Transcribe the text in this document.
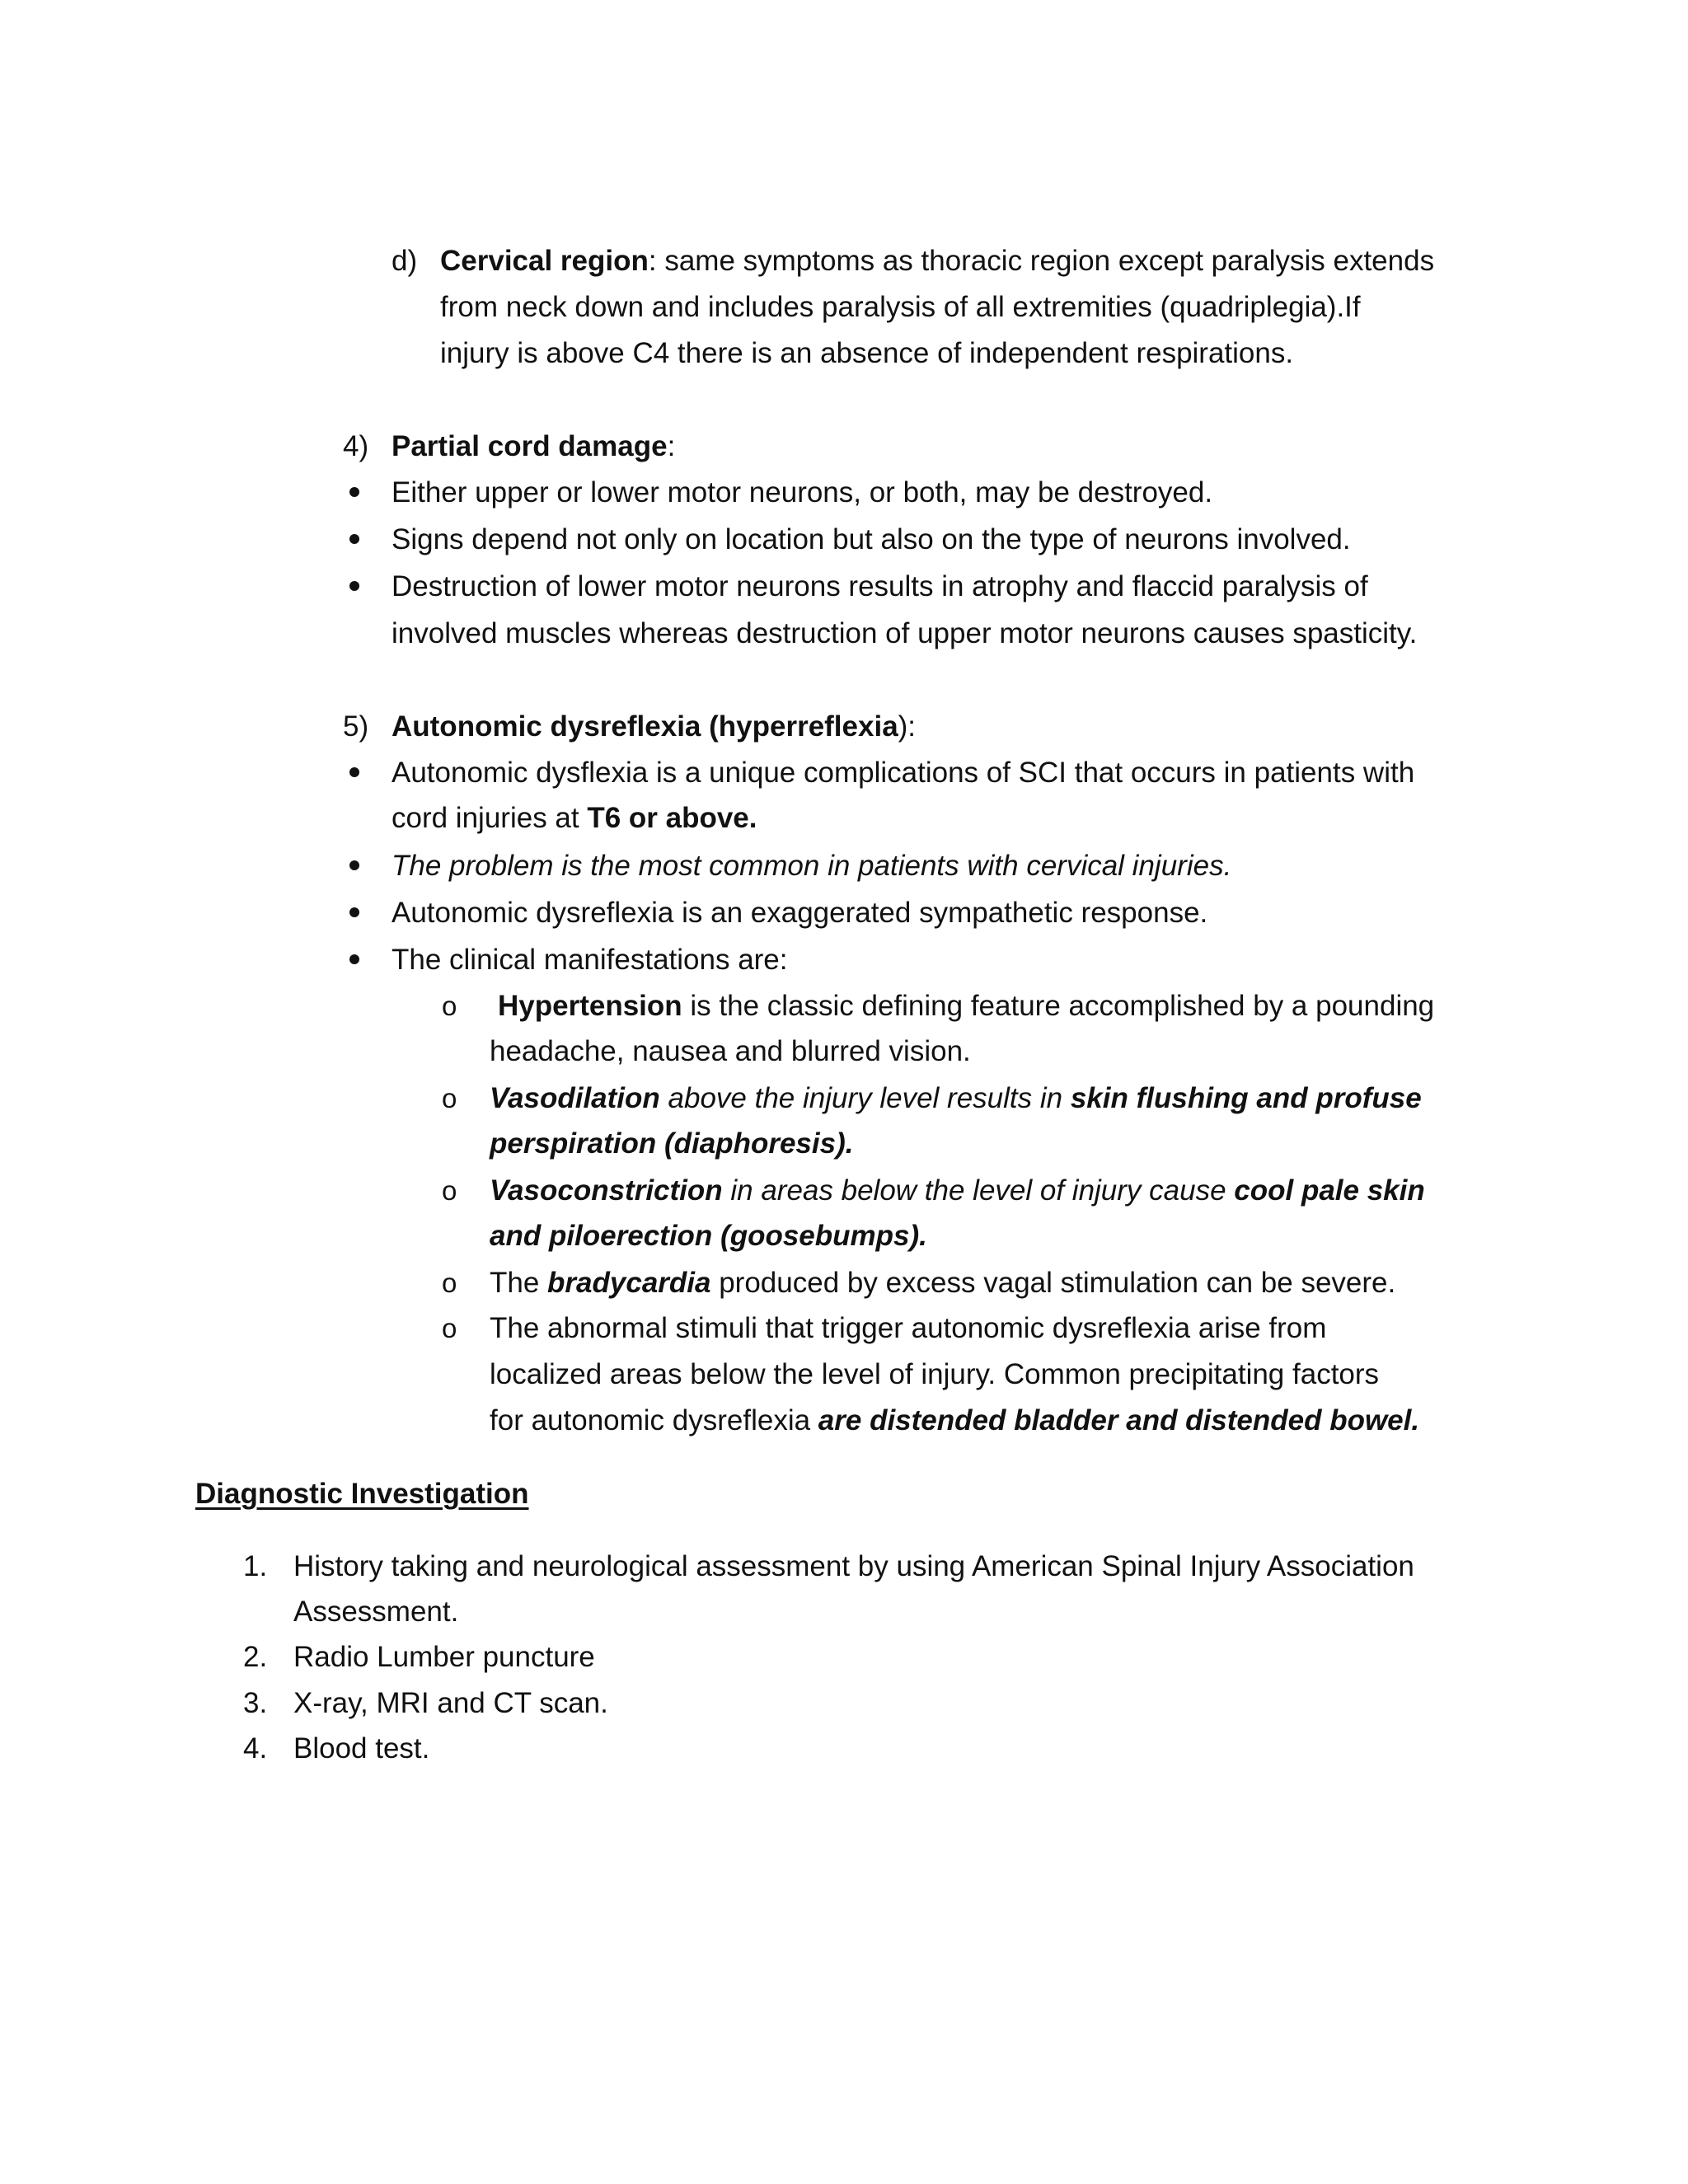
d) Cervical region: same symptoms as thoracic region except paralysis extends
from neck down and includes paralysis of all extremities (quadriplegia).If
injury is above C4 there is an absence of independent respirations.
4) Partial cord damage:
Either upper or lower motor neurons, or both, may be destroyed.
Signs depend not only on location but also on the type of neurons involved.
Destruction of lower motor neurons results in atrophy and flaccid paralysis of
involved muscles whereas destruction of upper motor neurons causes spasticity.
5) Autonomic dysreflexia (hyperreflexia):
Autonomic dysflexia is a unique complications of SCI that occurs in patients with
cord injuries at T6 or above.
The problem is the most common in patients with cervical injuries.
Autonomic dysreflexia is an exaggerated sympathetic response.
The clinical manifestations are:
o Hypertension is the classic defining feature accomplished by a pounding
headache, nausea and blurred vision.
o Vasodilation above the injury level results in skin flushing and profuse
perspiration (diaphoresis).
o Vasoconstriction in areas below the level of injury cause cool pale skin
and piloerection (goosebumps).
o The bradycardia produced by excess vagal stimulation can be severe.
o The abnormal stimuli that trigger autonomic dysreflexia arise from
localized areas below the level of injury. Common precipitating factors
for autonomic dysreflexia are distended bladder and distended bowel.
Diagnostic Investigation
1. History taking and neurological assessment by using American Spinal Injury Association
Assessment.
2. Radio Lumber puncture
3. X-ray, MRI and CT scan.
4. Blood test.
